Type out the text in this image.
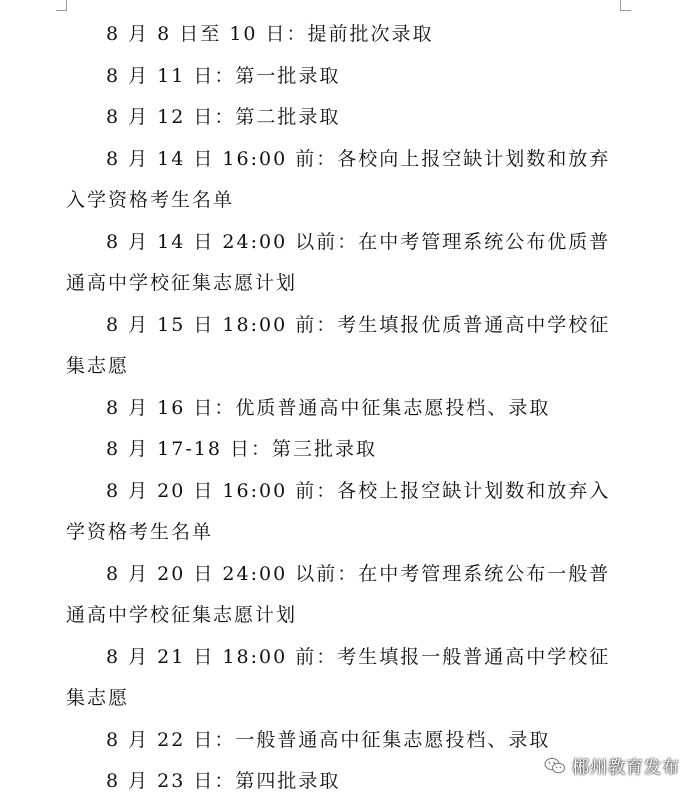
8 月 8 日至 10 日：提前批次录取

8 月 11 日：第一批录取

8 月 12 日：第二批录取

8 月 14 日 16:00 前：各校向上报空缺计划数和放弃入学资格考生名单

8 月 14 日 24:00 以前：在中考管理系统公布优质普通高中学校征集志愿计划

8 月 15 日 18:00 前：考生填报优质普通高中学校征集志愿

8 月 16 日：优质普通高中征集志愿投档、录取

8 月 17-18 日：第三批录取

8 月 20 日 16:00 前：各校上报空缺计划数和放弃入学资格考生名单

8 月 20 日 24:00 以前：在中考管理系统公布一般普通高中学校征集志愿计划

8 月 21 日 18:00 前：考生填报一般普通高中学校征集志愿

8 月 22 日：一般普通高中征集志愿投档、录取

8 月 23 日：第四批录取

郴州教育发布
